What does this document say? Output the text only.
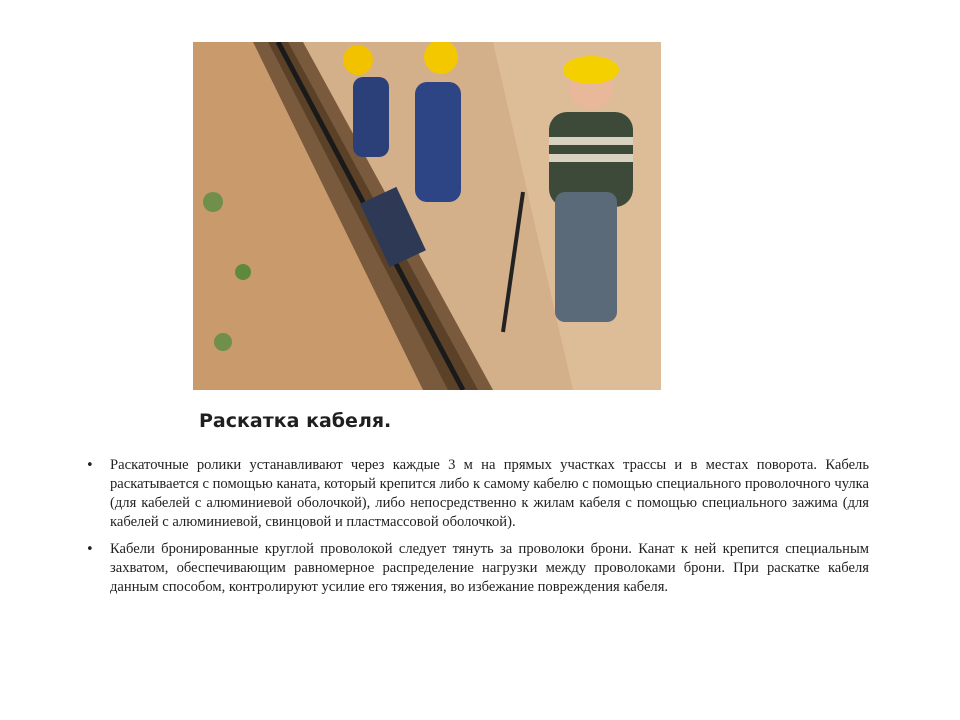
Раскатка кабеля.
• Раскаточные ролики устанавливают через каждые 3 м на прямых участках трассы и в местах поворота. Кабель раскатывается с помощью каната, который крепится либо к самому кабелю с помощью специального проволочного чулка (для кабелей с алюминиевой оболочкой), либо непосредственно к жилам кабеля с помощью специального зажима (для кабелей с алюминиевой, свинцовой и пластмассовой оболочкой).
• Кабели бронированные круглой проволокой следует тянуть за проволоки брони. Канат к ней крепится специальным захватом, обеспечивающим равномерное распределение нагрузки между проволоками брони. При раскатке кабеля данным способом, контролируют усилие его тяжения, во избежание повреждения кабеля.
